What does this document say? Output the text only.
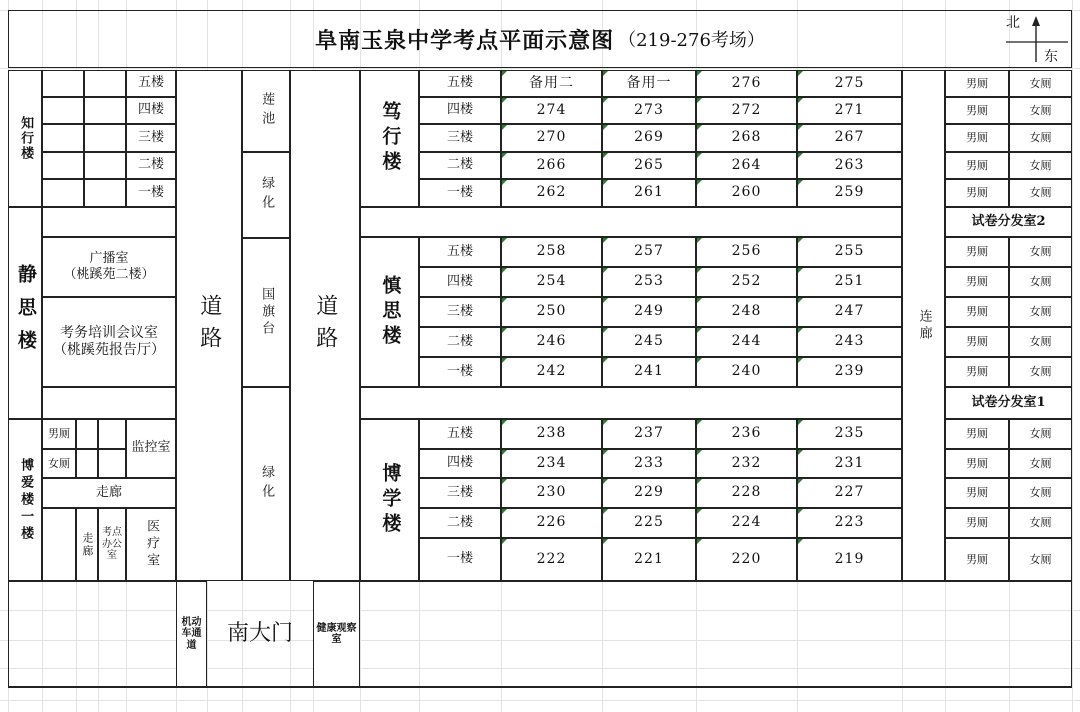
阜南玉泉中学考点平面示意图 （219-276考场）
北
东
知行楼
五楼
四楼
三楼
二楼
一楼
静思楼
广播室
（桃蹊苑二楼）
考务培训会议室
（桃蹊苑报告厅）
博爱楼一楼
男厕
女厕
监控室
走廊
走廊 考点办公室	医疗室
道路
莲池
绿化
国旗台
绿化
道路
笃行楼
五楼	备用二	备用一	276	275
四楼	274	273	272	271
三楼	270	269	268	267
二楼	266	265	264	263
一楼	262	261	260	259
慎思楼
五楼	258	257	256	255
四楼	254	253	252	251
三楼	250	249	248	247
二楼	246	245	244	243
一楼	242	241	240	239
博学楼
五楼	238	237	236	235
四楼	234	233	232	231
三楼	230	229	228	227
二楼	226	225	224	223
一楼	222	221	220	219
连廊
男厕	女厕
男厕	女厕
男厕	女厕
男厕	女厕
男厕	女厕
男厕	女厕
男厕	女厕
男厕	女厕
男厕	女厕
男厕	女厕
男厕	女厕
男厕	女厕
男厕	女厕
男厕	女厕
男厕	女厕
试卷分发室2
试卷分发室1
机动车通道	南大门	健康观察室
